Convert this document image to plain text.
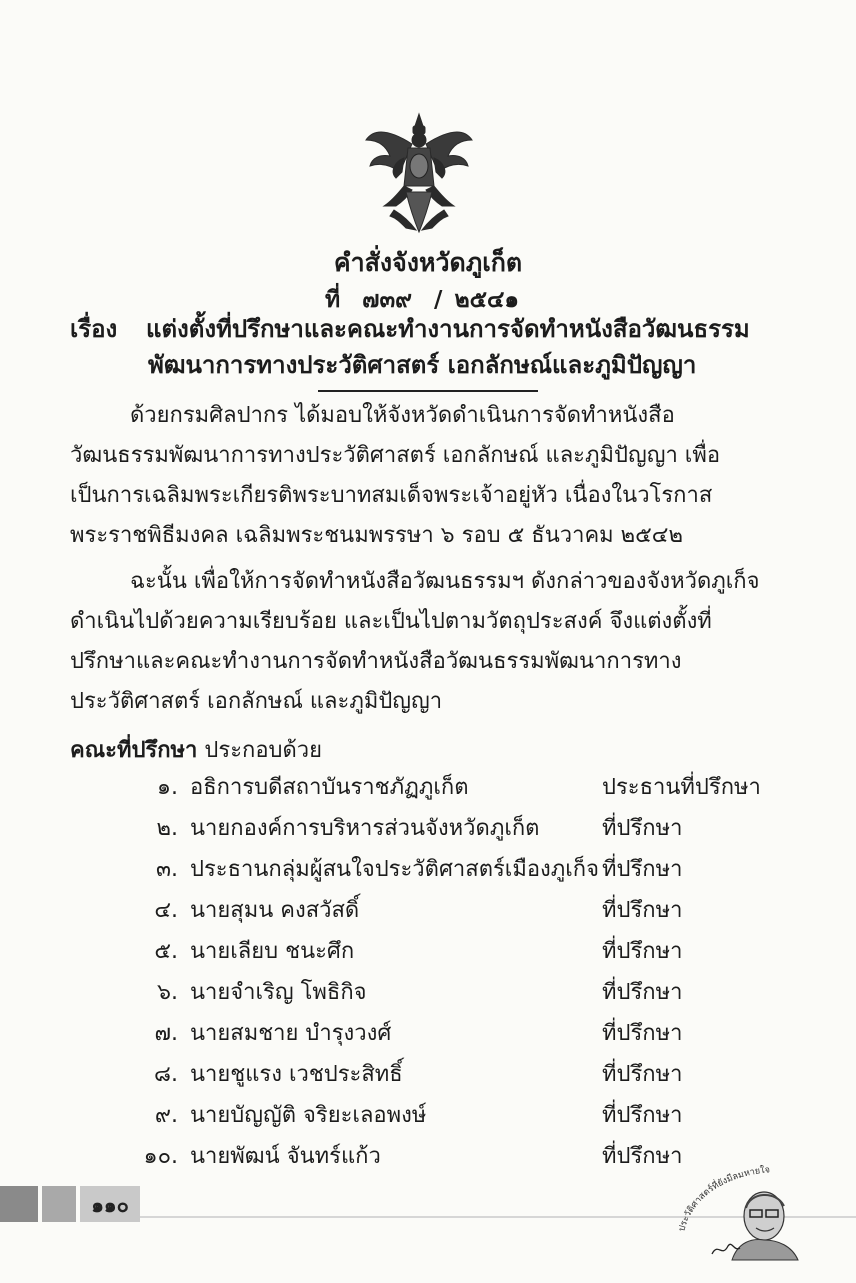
คำสั่งจังหวัดภูเก็ต
ที่ ๗๓๙ / ๒๕๔๑
เรื่อง แต่งตั้งที่ปรึกษาและคณะทำงานการจัดทำหนังสือวัฒนธรรม
พัฒนาการทางประวัติศาสตร์ เอกลักษณ์และภูมิปัญญา
ด้วยกรมศิลปากร ได้มอบให้จังหวัดดำเนินการจัดทำหนังสือ
วัฒนธรรมพัฒนาการทางประวัติศาสตร์ เอกลักษณ์ และภูมิปัญญา เพื่อ
เป็นการเฉลิมพระเกียรติพระบาทสมเด็จพระเจ้าอยู่หัว เนื่องในวโรกาส
พระราชพิธีมงคล เฉลิมพระชนมพรรษา ๖ รอบ ๕ ธันวาคม ๒๕๔๒
ฉะนั้น เพื่อให้การจัดทำหนังสือวัฒนธรรมฯ ดังกล่าวของจังหวัดภูเก็จ
ดำเนินไปด้วยความเรียบร้อย และเป็นไปตามวัตถุประสงค์ จึงแต่งตั้งที่
ปรึกษาและคณะทำงานการจัดทำหนังสือวัฒนธรรมพัฒนาการทาง
ประวัติศาสตร์ เอกลักษณ์ และภูมิปัญญา
คณะที่ปรึกษา ประกอบด้วย
๑. อธิการบดีสถาบันราชภัฏภูเก็ต	ประธานที่ปรึกษา
๒. นายกองค์การบริหารส่วนจังหวัดภูเก็ต	ที่ปรึกษา
๓. ประธานกลุ่มผู้สนใจประวัติศาสตร์เมืองภูเก็จ ที่ปรึกษา
๔. นายสุมน คงสวัสดิ์	ที่ปรึกษา
๕. นายเลียบ ชนะศึก	ที่ปรึกษา
๖. นายจำเริญ โพธิกิจ	ที่ปรึกษา
๗. นายสมชาย บำรุงวงศ์	ที่ปรึกษา
๘. นายชูแรง เวชประสิทธิ์	ที่ปรึกษา
๙. นายบัญญัติ จริยะเลอพงษ์	ที่ปรึกษา
๑๐. นายพัฒน์ จันทร์แก้ว	ที่ปรึกษา
๑๑๐
ประวัติศาสตร์ที่ยังมีลมหายใจ
